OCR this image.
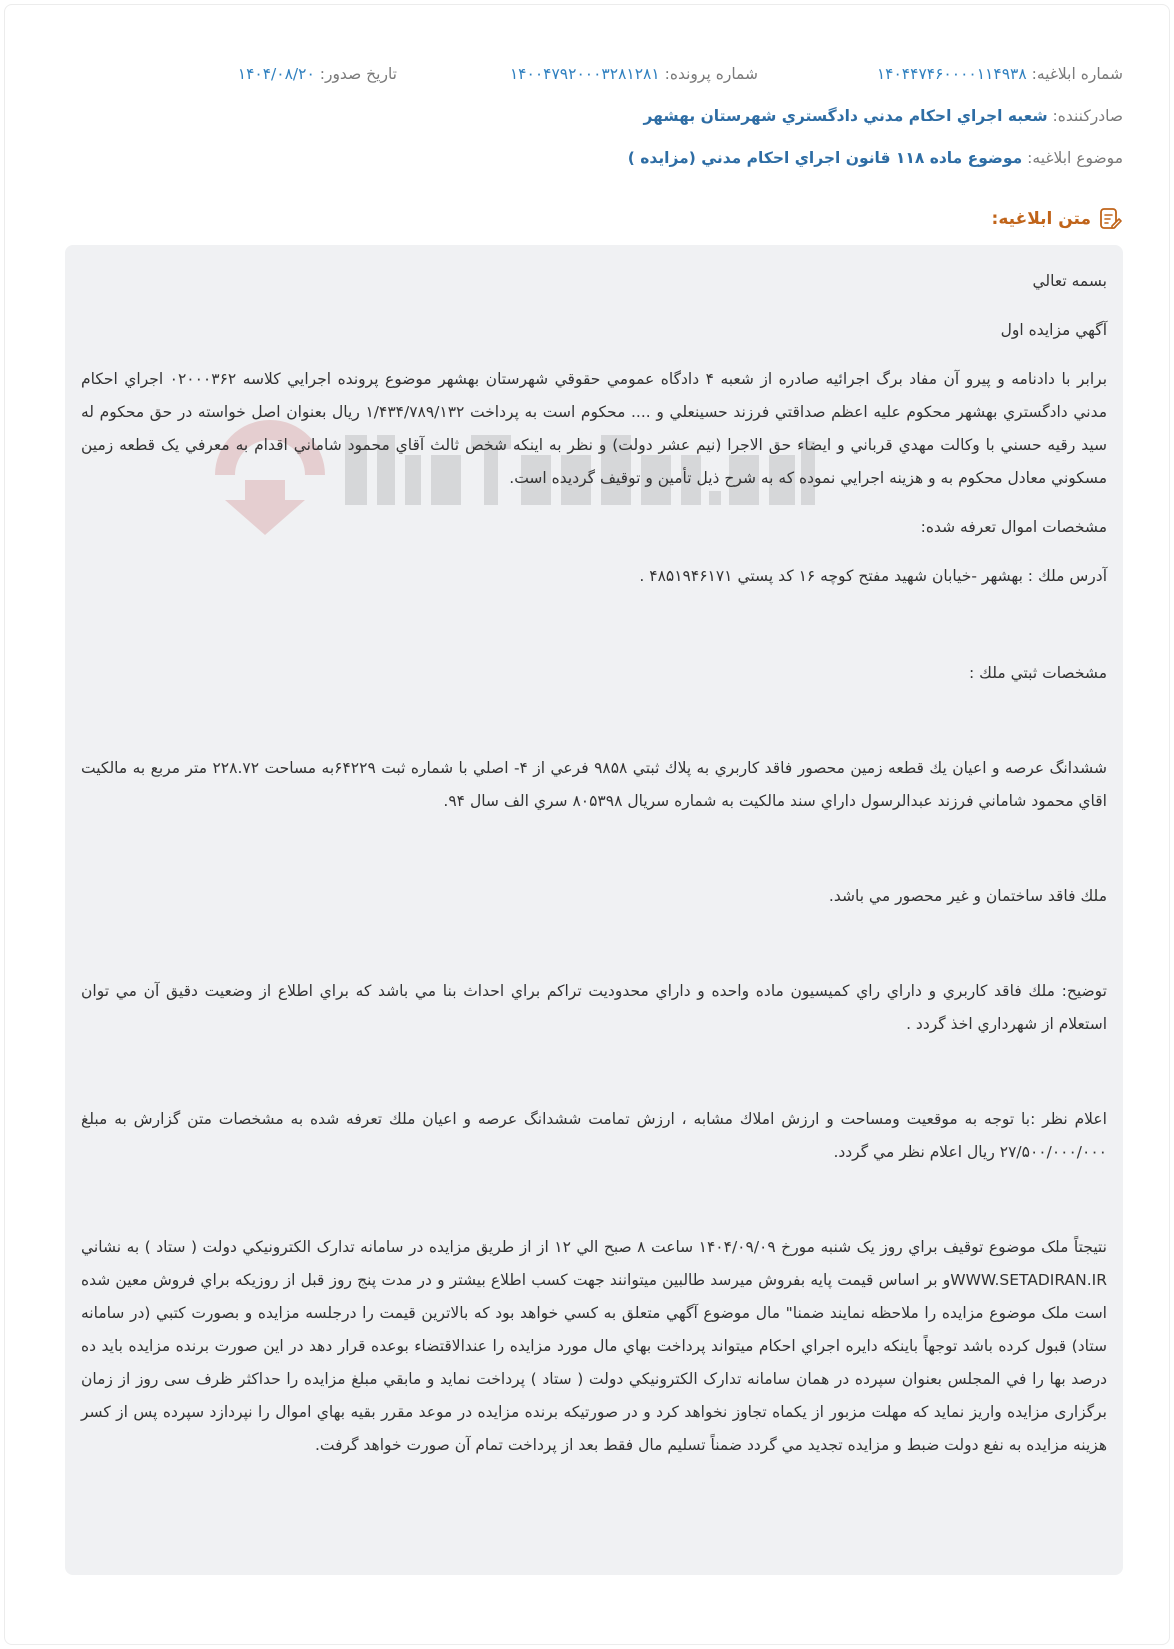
شماره ابلاغيه: ۱۴۰۴۴۷۴۶۰۰۰۰۱۱۴۹۳۸
شماره پرونده: ۱۴۰۰۴۷۹۲۰۰۰۳۲۸۱۲۸۱
تاريخ صدور: ۱۴۰۴/۰۸/۲۰
صادرکننده: شعبه اجراي احكام مدني دادگستري شهرستان بهشهر
موضوع ابلاغيه: موضوع ماده ۱۱۸ قانون اجراي احکام مدني (مزايده )
متن ابلاغيه:

بسمه تعالي

آگهي مزايده اول

برابر با دادنامه و پيرو آن مفاد برگ اجرائيه صادره از شعبه ۴ دادگاه عمومي حقوقي شهرستان بهشهر موضوع پرونده اجرايي كلاسه ۰۲۰۰۰۳۶۲ اجراي احكام مدني دادگستري بهشهر محكوم عليه اعظم صداقتي فرزند حسينعلي و .... محكوم است به پرداخت ۱/۴۳۴/۷۸۹/۱۳۲ ريال بعنوان اصل خواسته در حق محكوم له سيد رقيه حسني با وكالت مهدي قرباني و ايضاء حق الاجرا (نيم عشر دولت) و نظر به اينكه شخص ثالث آقاي محمود شاماني اقدام به معرفي يک قطعه زمين مسکوني معادل محكوم به و هزينه اجرايي نموده كه به شرح ذيل تأمين و توقيف گرديده است.

مشخصات اموال تعرفه شده:

آدرس ملك : بهشهر -خيابان شهيد مفتح كوچه ۱۶ كد پستي ۴۸۵۱۹۴۶۱۷۱ .

مشخصات ثبتي ملك :

ششدانگ عرصه و اعيان يك قطعه زمين محصور فاقد كاربري به پلاك ثبتي ۹۸۵۸ فرعي از ۴- اصلي با شماره ثبت ۶۴۲۲۹به مساحت ۲۲۸.۷۲ متر مربع به مالكيت اقاي محمود شاماني فرزند عبدالرسول داراي سند مالكيت به شماره سريال ۸۰۵۳۹۸ سري الف سال ۹۴.

ملك فاقد ساختمان و غير محصور مي باشد.

توضيح: ملك فاقد كاربري و داراي راي كميسيون ماده واحده و داراي محدوديت تراكم براي احداث بنا مي باشد كه براي اطلاع از وضعيت دقيق آن مي توان استعلام از شهرداري اخذ گردد .

اعلام نظر :با توجه به موقعيت ومساحت و ارزش املاك مشابه ، ارزش تمامت ششدانگ عرصه و اعيان ملك تعرفه شده به مشخصات متن گزارش به مبلغ ۲۷/۵۰۰/۰۰۰/۰۰۰ ريال اعلام نظر مي گردد.

نتيجتاً ملک موضوع توقيف براي روز يک شنبه مورخ ۱۴۰۴/۰۹/۰۹ ساعت ۸ صبح الي ۱۲ از از طريق مزايده در سامانه تدارک الکترونيکي دولت ( ستاد ) به نشاني WWW.SETADIRAN.IRو بر اساس قيمت پايه بفروش ميرسد طالبين ميتوانند جهت کسب اطلاع بيشتر و در مدت پنج روز قبل از روزيکه براي فروش معين شده است ملک موضوع مزايده را ملاحظه نمايند ضمنا" مال موضوع آگهي متعلق به کسي خواهد بود که بالاترين قيمت را درجلسه مزايده و بصورت کتبي (در سامانه ستاد) قبول کرده باشد توجهاً باينکه دايره اجراي احکام ميتواند پرداخت بهاي مال مورد مزايده را عندالاقتضاء بوعده قرار دهد در اين صورت برنده مزايده بايد ده درصد بها را في المجلس بعنوان سپرده در همان سامانه تدارک الکترونيکي دولت ( ستاد ) پرداخت نمايد و مابقي مبلغ مزايده را حداکثر ظرف سی روز از زمان برگزاری مزايده واريز نمايد که مهلت مزبور از يکماه تجاوز نخواهد کرد و در صورتيکه برنده مزايده در موعد مقرر بقيه بهاي اموال را نپردازد سپرده پس از کسر هزينه مزايده به نفع دولت ضبط و مزايده تجديد مي گردد ضمناً تسليم مال فقط بعد از پرداخت تمام آن صورت خواهد گرفت.
